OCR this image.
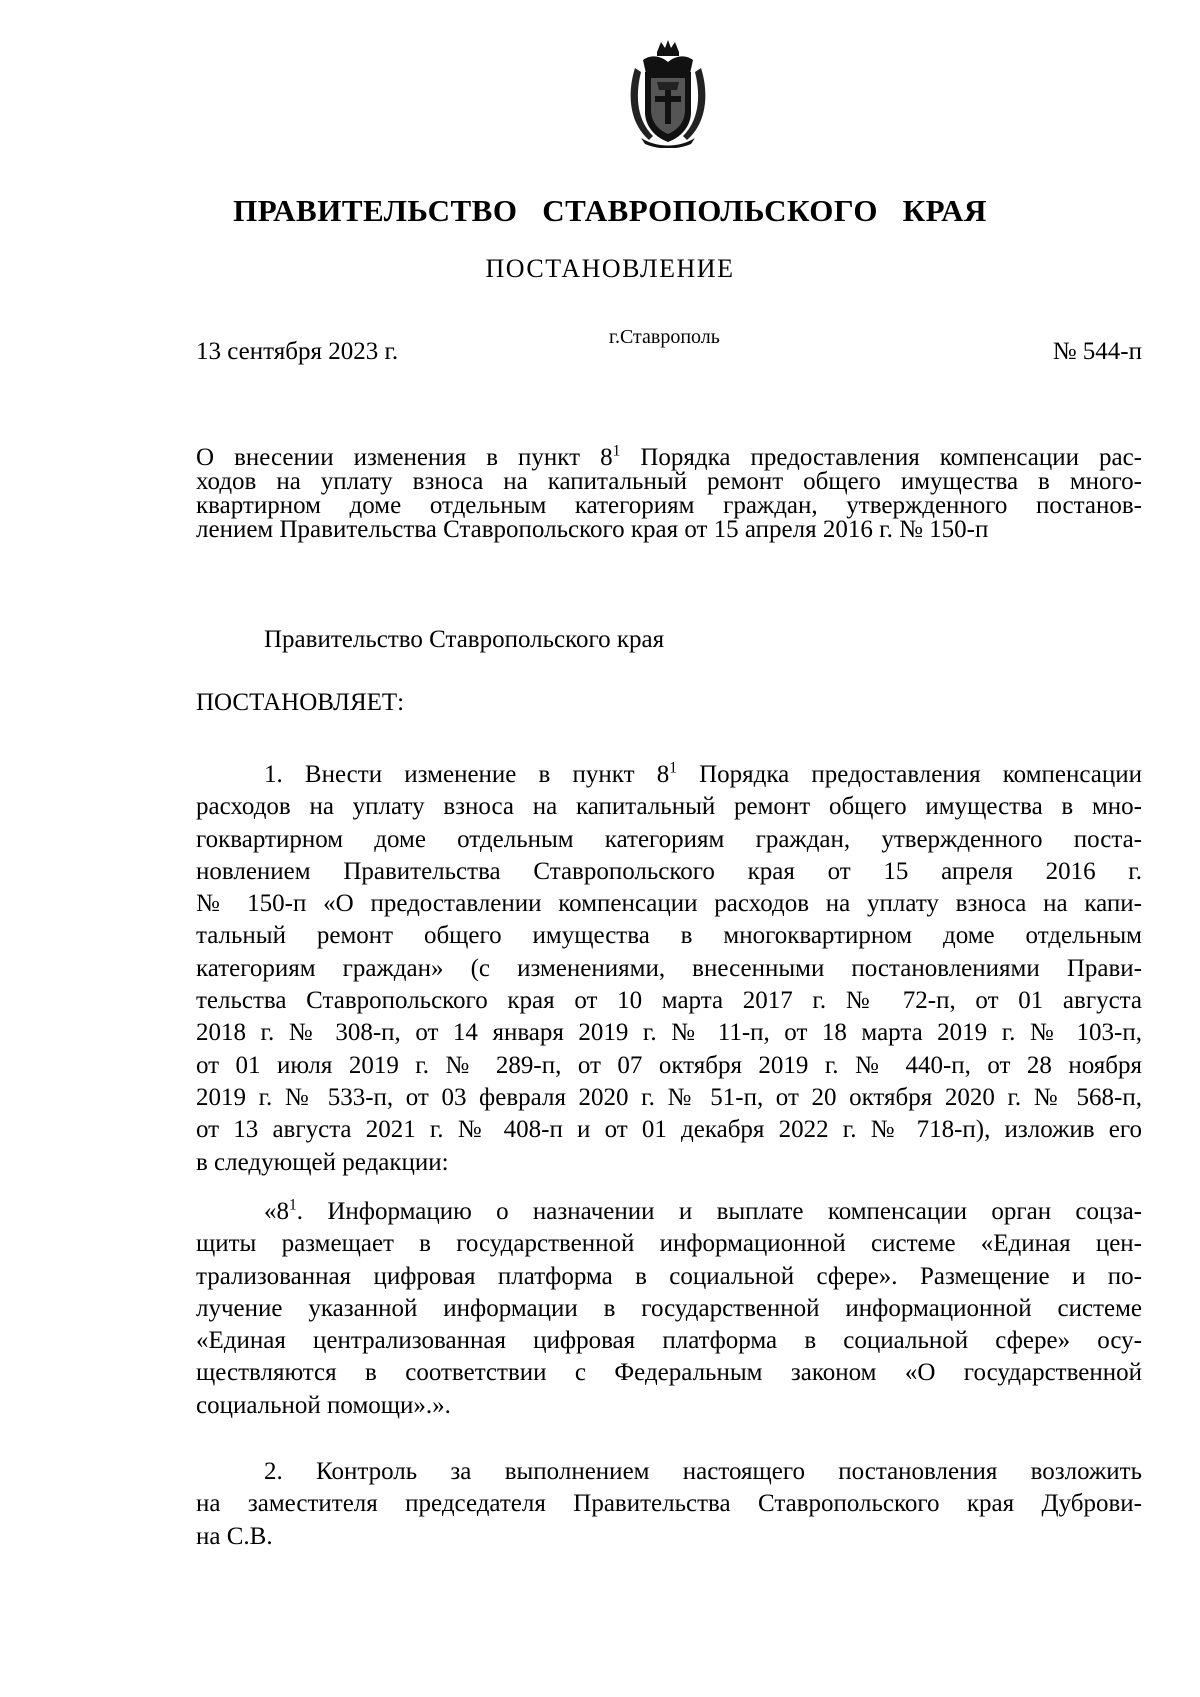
ПРАВИТЕЛЬСТВО   СТАВРОПОЛЬСКОГО   КРАЯ
ПОСТАНОВЛЕНИЕ
13 сентября 2023 г.
г.Ставрополь
№ 544-п
О внесении изменения в пункт $8^1$ Порядка предоставления компенсации рас-
ходов на уплату взноса на капитальный ремонт общего имущества в много-
квартирном доме отдельным категориям граждан, утвержденного постанов-
лением Правительства Ставропольского края от 15 апреля 2016 г. № 150-п
Правительство Ставропольского края
ПОСТАНОВЛЯЕТ:
1. Внести изменение в пункт $8^1$ Порядка предоставления компенсации
расходов на уплату взноса на капитальный ремонт общего имущества в мно-
гоквартирном доме отдельным категориям граждан, утвержденного поста-
новлением Правительства Ставропольского края от 15 апреля 2016 г.
№ 150-п «О предоставлении компенсации расходов на уплату взноса на капи-
тальный ремонт общего имущества в многоквартирном доме отдельным
категориям граждан» (с изменениями, внесенными постановлениями Прави-
тельства Ставропольского края от 10 марта 2017 г. № 72-п, от 01 августа
2018 г. № 308-п, от 14 января 2019 г. № 11-п, от 18 марта 2019 г. № 103-п,
от 01 июля 2019 г. № 289-п, от 07 октября 2019 г. № 440-п, от 28 ноября
2019 г. № 533-п, от 03 февраля 2020 г. № 51-п, от 20 октября 2020 г. № 568-п,
от 13 августа 2021 г. № 408-п и от 01 декабря 2022 г. № 718-п), изложив его
в следующей редакции:
«$8^1$. Информацию о назначении и выплате компенсации орган соцза-
щиты размещает в государственной информационной системе «Единая цен-
трализованная цифровая платформа в социальной сфере». Размещение и по-
лучение указанной информации в государственной информационной системе
«Единая централизованная цифровая платформа в социальной сфере» осу-
ществляются в соответствии с Федеральным законом «О государственной
социальной помощи».».
2. Контроль за выполнением настоящего постановления возложить
на заместителя председателя Правительства Ставропольского края Дуброви-
на С.В.
